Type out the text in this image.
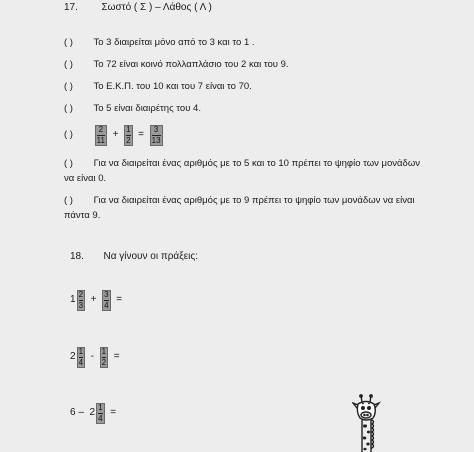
17. Σωστό ( Σ ) – Λάθος ( Λ )
( ) Το 3 διαιρείται μόνο από το 3 και το 1 .
( ) Το 72 είναι κοινό πολλαπλάσιο του 2 και του 9.
( ) Το Ε.Κ.Π. του 10 και του 7 είναι το 70.
( ) Το 5 είναι διαιρέτης του 4.
( )	$\frac{2}{11} + \frac{1}{2} = \frac{3}{13}$
( ) Για να διαιρείται ένας αριθμός με το 5 και το 10 πρέπει το ψηφίο των μονάδων
να είναι 0.
( ) Για να διαιρείται ένας αριθμός με το 9 πρέπει το ψηφίο των μονάδων να είναι
πάντα 9.
18. Να γίνουν οι πράξεις:
$1 \frac{2}{3} + \frac{3}{4}$ =
$2 \frac{1}{4} - \frac{1}{2}$ =
$6 - 2 \frac{1}{4}$ =
